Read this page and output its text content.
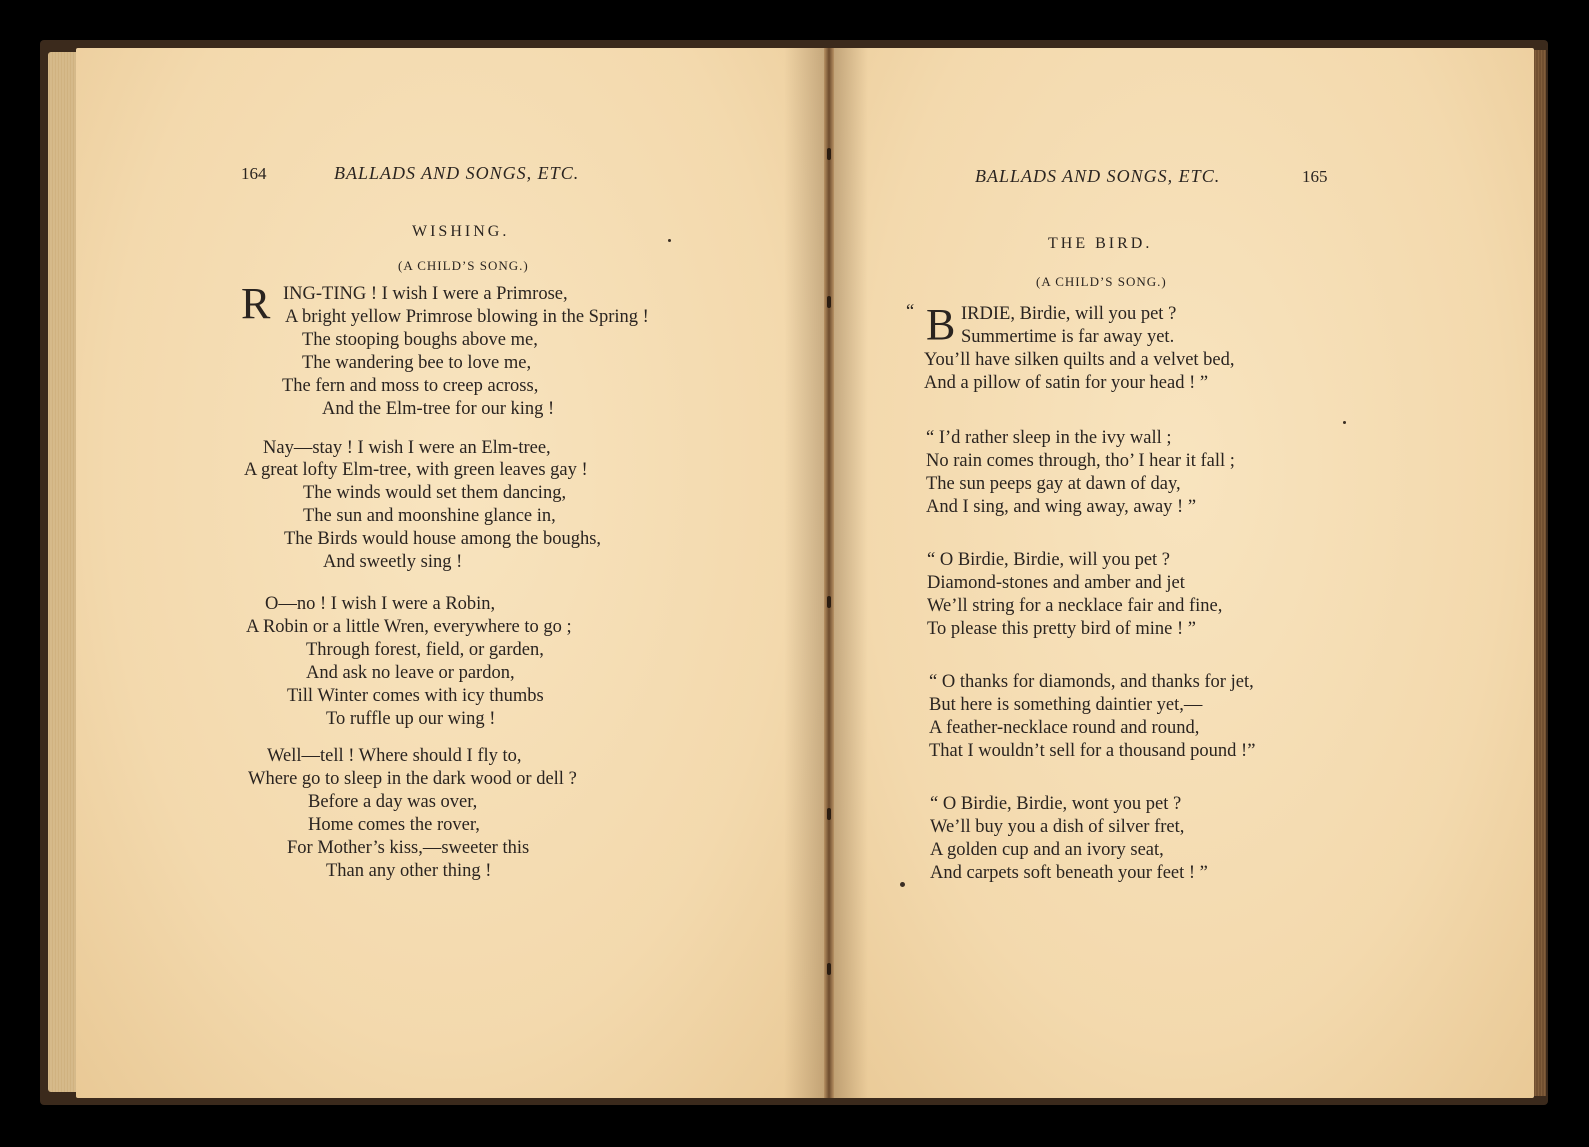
164	BALLADS AND SONGS, ETC.
WISHING.
(A CHILD’S SONG.)
R ING-TING ! I wish I were a Primrose,
A bright yellow Primrose blowing in the Spring !
The stooping boughs above me,
The wandering bee to love me,
The fern and moss to creep across,
And the Elm-tree for our king !
Nay—stay ! I wish I were an Elm-tree,
A great lofty Elm-tree, with green leaves gay !
The winds would set them dancing,
The sun and moonshine glance in,
The Birds would house among the boughs,
And sweetly sing !
O—no ! I wish I were a Robin,
A Robin or a little Wren, everywhere to go ;
Through forest, field, or garden,
And ask no leave or pardon,
Till Winter comes with icy thumbs
To ruffle up our wing !
Well—tell ! Where should I fly to,
Where go to sleep in the dark wood or dell ?
Before a day was over,
Home comes the rover,
For Mother’s kiss,—sweeter this
Than any other thing !
BALLADS AND SONGS, ETC.	165
THE BIRD.
(A CHILD’S SONG.)
“ B IRDIE, Birdie, will you pet ?
Summertime is far away yet.
You’ll have silken quilts and a velvet bed,
And a pillow of satin for your head ! ”
“ I’d rather sleep in the ivy wall ;
No rain comes through, tho’ I hear it fall ;
The sun peeps gay at dawn of day,
And I sing, and wing away, away ! ”
“ O Birdie, Birdie, will you pet ?
Diamond-stones and amber and jet
We’ll string for a necklace fair and fine,
To please this pretty bird of mine ! ”
“ O thanks for diamonds, and thanks for jet,
But here is something daintier yet,—
A feather-necklace round and round,
That I wouldn’t sell for a thousand pound !”
“ O Birdie, Birdie, wont you pet ?
We’ll buy you a dish of silver fret,
A golden cup and an ivory seat,
And carpets soft beneath your feet ! ”
